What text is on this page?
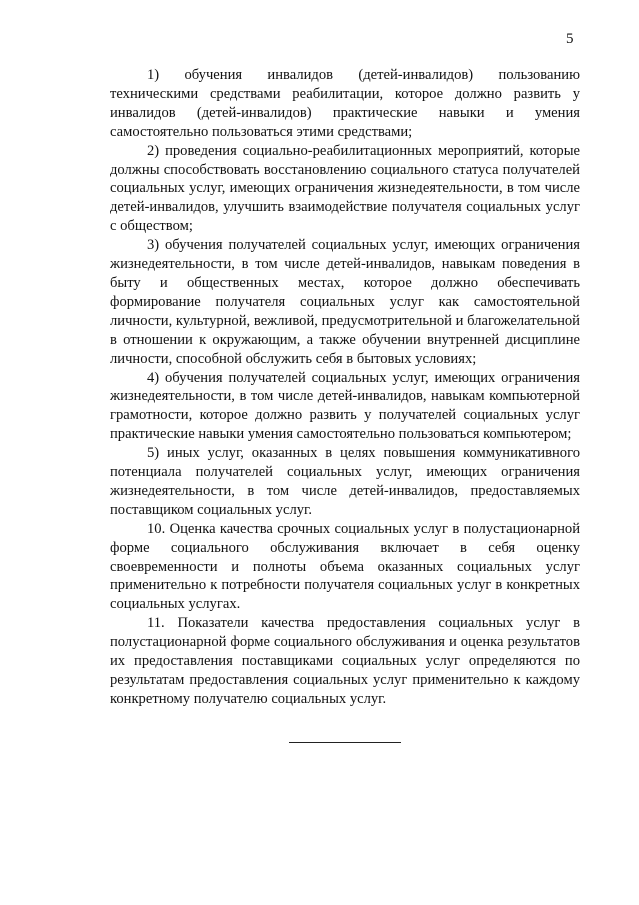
5

1) обучения инвалидов (детей-инвалидов) пользованию техническими средствами реабилитации, которое должно развить у инвалидов (детей-инвалидов) практические навыки и умения самостоятельно пользоваться этими средствами;

2) проведения социально-реабилитационных мероприятий, которые должны способствовать восстановлению социального статуса получателей социальных услуг, имеющих ограничения жизнедеятельности, в том числе детей-инвалидов, улучшить взаимодействие получателя социальных услуг с обществом;

3) обучения получателей социальных услуг, имеющих ограничения жизнедеятельности, в том числе детей-инвалидов, навыкам поведения в быту и общественных местах, которое должно обеспечивать формирование получателя социальных услуг как самостоятельной личности, культурной, вежливой, предусмотрительной и благожелательной в отношении к окружающим, а также обучении внутренней дисциплине личности, способной обслужить себя в бытовых условиях;

4) обучения получателей социальных услуг, имеющих ограничения жизнедеятельности, в том числе детей-инвалидов, навыкам компьютерной грамотности, которое должно развить у получателей социальных услуг практические навыки умения самостоятельно пользоваться компьютером;

5) иных услуг, оказанных в целях повышения коммуникативного потенциала получателей социальных услуг, имеющих ограничения жизнедеятельности, в том числе детей-инвалидов, предоставляемых поставщиком социальных услуг.

10. Оценка качества срочных социальных услуг в полустационарной форме социального обслуживания включает в себя оценку своевременности и полноты объема оказанных социальных услуг применительно к потребности получателя социальных услуг в конкретных социальных услугах.

11. Показатели качества предоставления социальных услуг в полустационарной форме социального обслуживания и оценка результатов их предоставления поставщиками социальных услуг определяются по результатам предоставления социальных услуг применительно к каждому конкретному получателю социальных услуг.
